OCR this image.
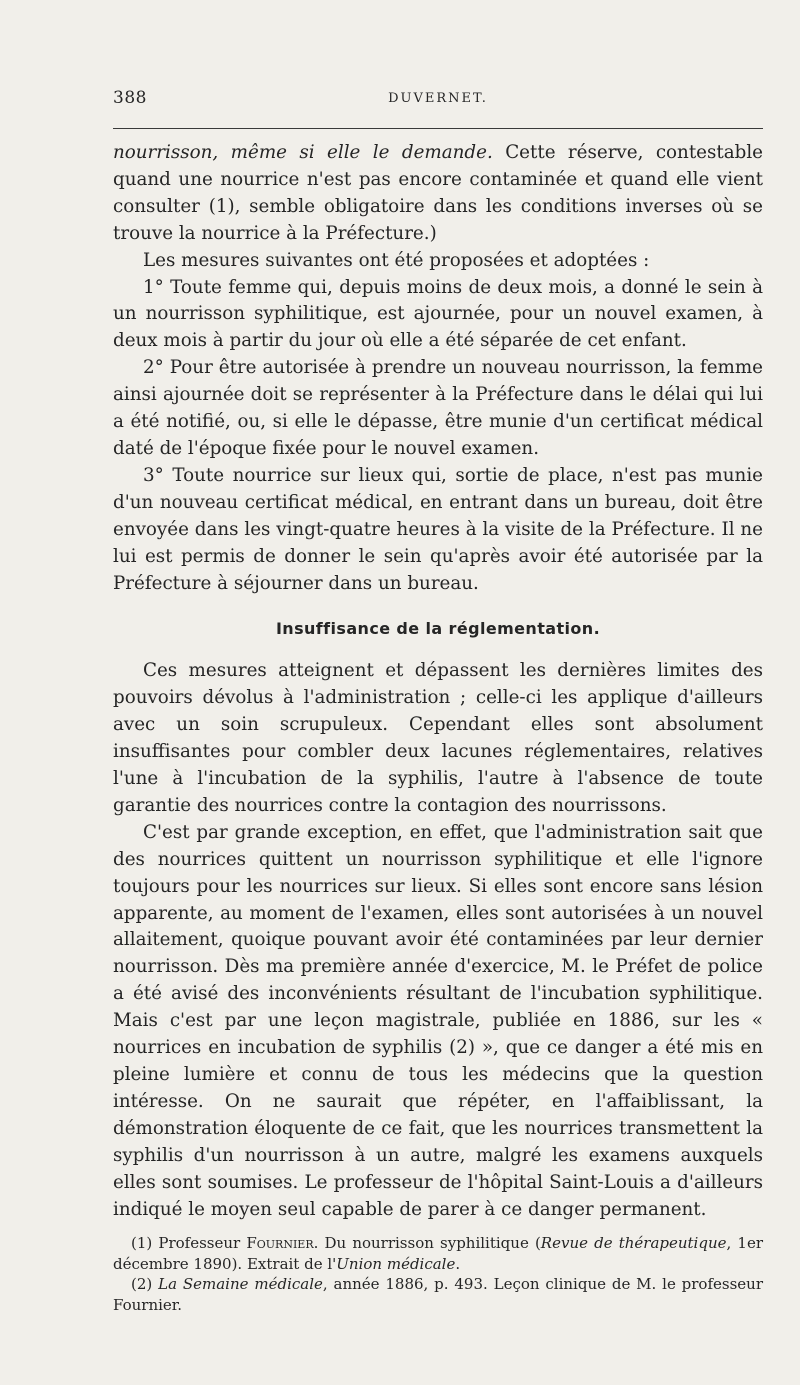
388	DUVERNET.

nourrisson, même si elle le demande. Cette réserve, contestable quand une nourrice n'est pas encore contaminée et quand elle vient consulter (1), semble obligatoire dans les conditions inverses où se trouve la nourrice à la Préfecture.)

Les mesures suivantes ont été proposées et adoptées :

1° Toute femme qui, depuis moins de deux mois, a donné le sein à un nourrisson syphilitique, est ajournée, pour un nouvel examen, à deux mois à partir du jour où elle a été séparée de cet enfant.

2° Pour être autorisée à prendre un nouveau nourrisson, la femme ainsi ajournée doit se représenter à la Préfecture dans le délai qui lui a été notifié, ou, si elle le dépasse, être munie d'un certificat médical daté de l'époque fixée pour le nouvel examen.

3° Toute nourrice sur lieux qui, sortie de place, n'est pas munie d'un nouveau certificat médical, en entrant dans un bureau, doit être envoyée dans les vingt-quatre heures à la visite de la Préfecture. Il ne lui est permis de donner le sein qu'après avoir été autorisée par la Préfecture à séjourner dans un bureau.

Insuffisance de la réglementation.

Ces mesures atteignent et dépassent les dernières limites des pouvoirs dévolus à l'administration ; celle-ci les applique d'ailleurs avec un soin scrupuleux. Cependant elles sont absolument insuffisantes pour combler deux lacunes réglementaires, relatives l'une à l'incubation de la syphilis, l'autre à l'absence de toute garantie des nourrices contre la contagion des nourrissons.

C'est par grande exception, en effet, que l'administration sait que des nourrices quittent un nourrisson syphilitique et elle l'ignore toujours pour les nourrices sur lieux. Si elles sont encore sans lésion apparente, au moment de l'examen, elles sont autorisées à un nouvel allaitement, quoique pouvant avoir été contaminées par leur dernier nourrisson. Dès ma première année d'exercice, M. le Préfet de police a été avisé des inconvénients résultant de l'incubation syphilitique. Mais c'est par une leçon magistrale, publiée en 1886, sur les « nourrices en incubation de syphilis (2) », que ce danger a été mis en pleine lumière et connu de tous les médecins que la question intéresse. On ne saurait que répéter, en l'affaiblissant, la démonstration éloquente de ce fait, que les nourrices transmettent la syphilis d'un nourrisson à un autre, malgré les examens auxquels elles sont soumises. Le professeur de l'hôpital Saint-Louis a d'ailleurs indiqué le moyen seul capable de parer à ce danger permanent.

(1) Professeur Fournier. Du nourrisson syphilitique (Revue de thérapeutique, 1er décembre 1890). Extrait de l'Union médicale.

(2) La Semaine médicale, année 1886, p. 493. Leçon clinique de M. le professeur Fournier.
